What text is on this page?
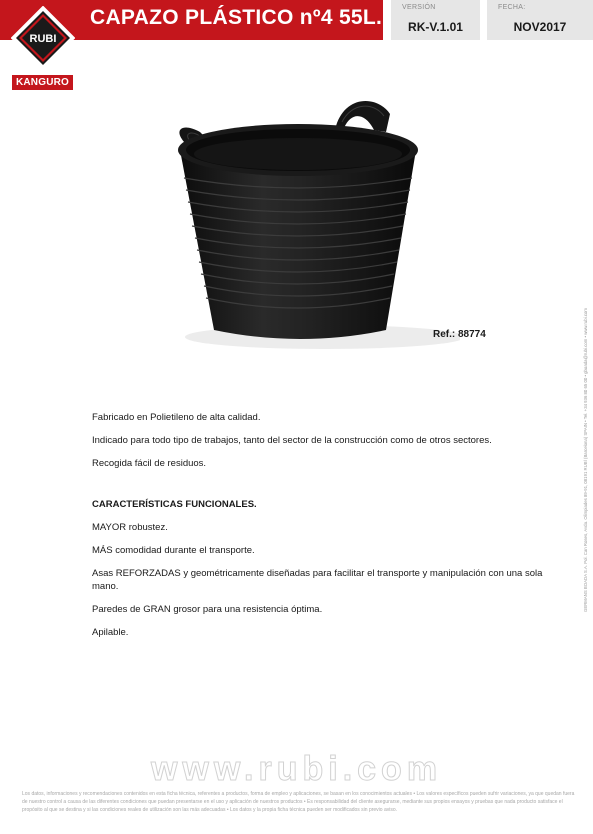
CAPAZO PLÁSTICO nº4 55L.
RUBI
KANGURO
VERSIÓN
RK-V.1.01
FECHA:
NOV2017
Ref.: 88774

Fabricado en Polietileno de alta calidad.

Indicado para todo tipo de trabajos, tanto del sector de la construcción como de otros sectores.

Recogida fácil de residuos.

CARACTERÍSTICAS FUNCIONALES.

MAYOR robustez.

MÁS comodidad durante el transporte.

Asas REFORZADAS y geométricamente diseñadas para facilitar el transporte y manipulación con una sola mano.

Paredes de GRAN grosor para una resistencia óptima.

Apilable.

GERMANS BOADA S.A. Pol. Can Roses, Avda. Olimpiades 89-91, 08191 RUBÍ (Barcelona) SPAIN • Tel. +34 936 80 65 00 • gboada@rubi.com • www.rubi.com
www.rubi.com
Los datos, informaciones y recomendaciones contenidos en esta ficha técnica, referentes a productos, forma de empleo y aplicaciones, se basan en los conocimientos actuales • Los valores específicos pueden sufrir variaciones, ya que quedan fuera de nuestro control a causa de las diferentes condiciones que puedan presentarse en el uso y aplicación de nuestros productos • Es responsabilidad del cliente asegurarse, mediante sus propios ensayos y pruebas que nada producto satisface el propósito al que se destina y si las condiciones reales de utilización son las más adecuadas • Los datos y la propia ficha técnica pueden ser modificados sin previo aviso.
